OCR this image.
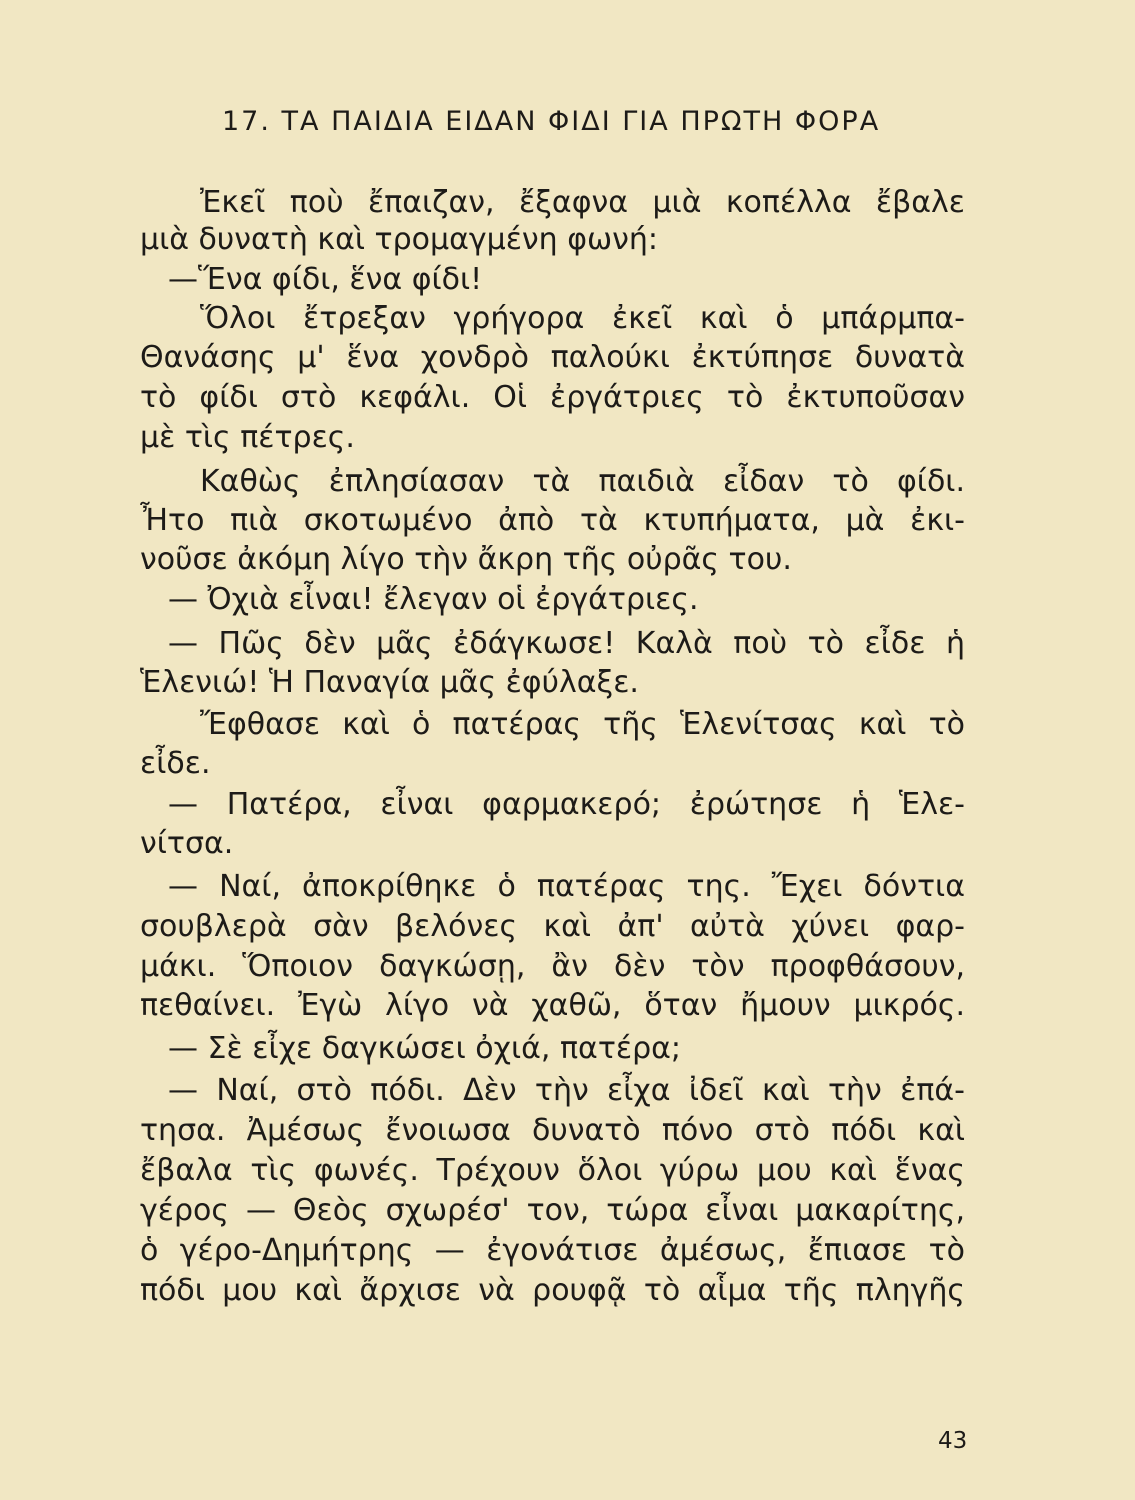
17. ΤΑ ΠΑΙΔΙΑ ΕΙΔΑΝ ΦΙΔΙ ΓΙΑ ΠΡΩΤΗ ΦΟΡΑ
Ἐκεῖ ποὺ ἔπαιζαν, ἔξαφνα μιὰ κοπέλλα ἔβαλε
μιὰ δυνατὴ καὶ τρομαγμένη φωνή:
—Ἕνα φίδι, ἕνα φίδι!
Ὅλοι ἔτρεξαν γρήγορα ἐκεῖ καὶ ὁ μπάρμπα-
Θανάσης μ' ἕνα χονδρὸ παλούκι ἐκτύπησε δυνατὰ
τὸ φίδι στὸ κεφάλι. Οἱ ἐργάτριες τὸ ἐκτυποῦσαν
μὲ τὶς πέτρες.
Καθὼς ἐπλησίασαν τὰ παιδιὰ εἶδαν τὸ φίδι.
Ἦτο πιὰ σκοτωμένο ἀπὸ τὰ κτυπήματα, μὰ ἐκι-
νοῦσε ἀκόμη λίγο τὴν ἄκρη τῆς οὐρᾶς του.
— Ὀχιὰ εἶναι! ἔλεγαν οἱ ἐργάτριες.
— Πῶς δὲν μᾶς ἐδάγκωσε! Καλὰ ποὺ τὸ εἶδε ἡ
Ἑλενιώ! Ἡ Παναγία μᾶς ἐφύλαξε.
Ἔφθασε καὶ ὁ πατέρας τῆς Ἑλενίτσας καὶ τὸ
εἶδε.
— Πατέρα, εἶναι φαρμακερό; ἐρώτησε ἡ Ἑλε-
νίτσα.
— Ναί, ἀποκρίθηκε ὁ πατέρας της. Ἔχει δόντια
σουβλερὰ σὰν βελόνες καὶ ἀπ' αὐτὰ χύνει φαρ-
μάκι. Ὅποιον δαγκώσῃ, ἂν δὲν τὸν προφθάσουν,
πεθαίνει. Ἐγὼ λίγο νὰ χαθῶ, ὅταν ἤμουν μικρός.
— Σὲ εἶχε δαγκώσει ὀχιά, πατέρα;
— Ναί, στὸ πόδι. Δὲν τὴν εἶχα ἰδεῖ καὶ τὴν ἐπά-
τησα. Ἀμέσως ἔνοιωσα δυνατὸ πόνο στὸ πόδι καὶ
ἔβαλα τὶς φωνές. Τρέχουν ὅλοι γύρω μου καὶ ἕνας
γέρος — Θεὸς σχωρέσ' τον, τώρα εἶναι μακαρίτης,
ὁ γέρο-Δημήτρης — ἐγονάτισε ἀμέσως, ἔπιασε τὸ
πόδι μου καὶ ἄρχισε νὰ ρουφᾷ τὸ αἷμα τῆς πληγῆς
43
